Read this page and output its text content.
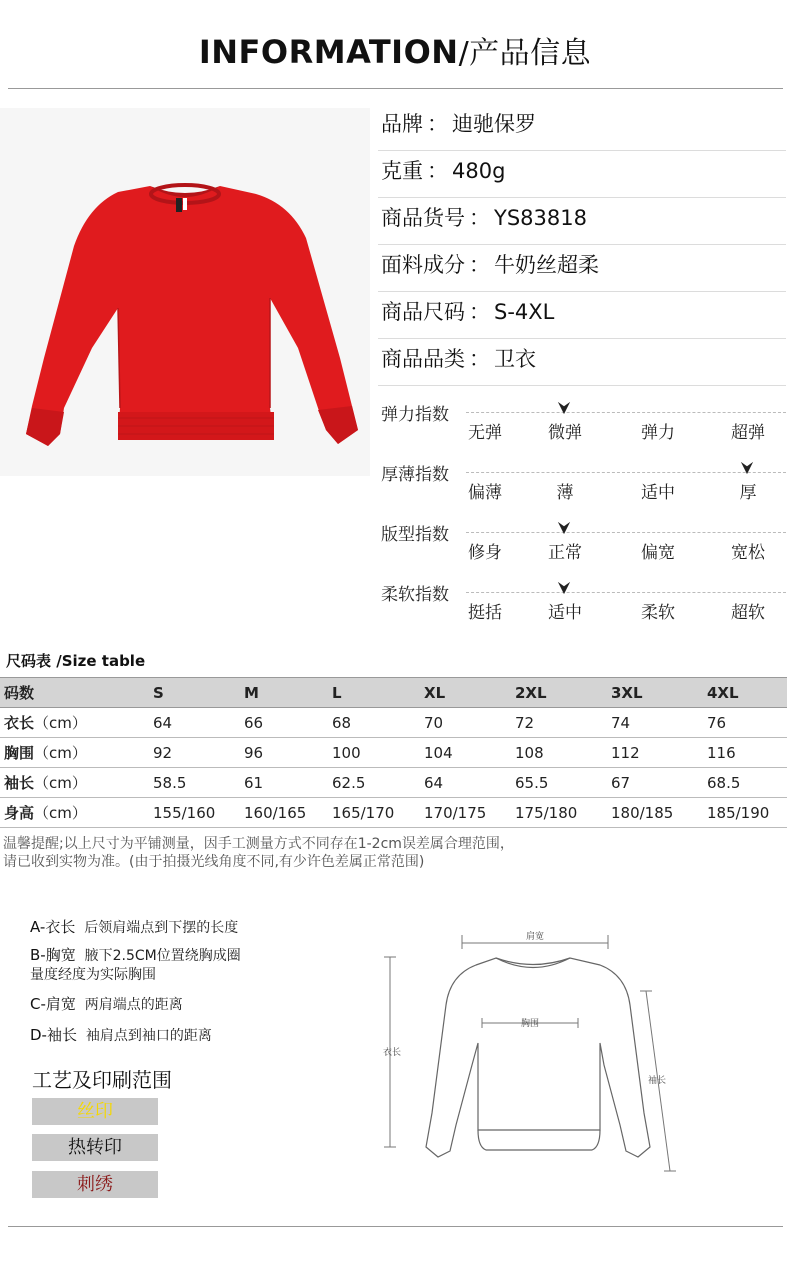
INFORMATION/产品信息
品牌 ： 迪驰保罗
克重 ： 480g
商品货号 ： YS83818
面料成分 ： 牛奶丝超柔
商品尺码 ： S-4XL
商品品类 ： 卫衣
弹力指数
无弹	微弹	弹力	超弹
厚薄指数
偏薄	薄	适中	厚
版型指数
修身	正常	偏宽	宽松
柔软指数
挺括	适中	柔软	超软
尺码表 /Size table
码数	S	M	L	XL	2XL	3XL	4XL
衣长（cm）	64	66	68	70	72	74	76
胸围（cm）	92	96	100	104	108	112	116
袖长（cm）	58.5	61	62.5	64	65.5	67	68.5
身高（cm）	155/160	160/165	165/170	170/175	175/180	180/185	185/190
温馨提醒;以上尺寸为平铺测量，因手工测量方式不同存在1-2cm误差属合理范围，
请已收到实物为准。(由于拍摄光线角度不同,有少许色差属正常范围)
A-衣长 后领肩端点到下摆的长度
B-胸宽 腋下2.5CM位置绕胸成圈
量度经度为实际胸围
C-肩宽 两肩端点的距离
D-袖长 袖肩点到袖口的距离
工艺及印刷范围
丝印
热转印
刺绣
肩宽
胸围
衣长
袖长
